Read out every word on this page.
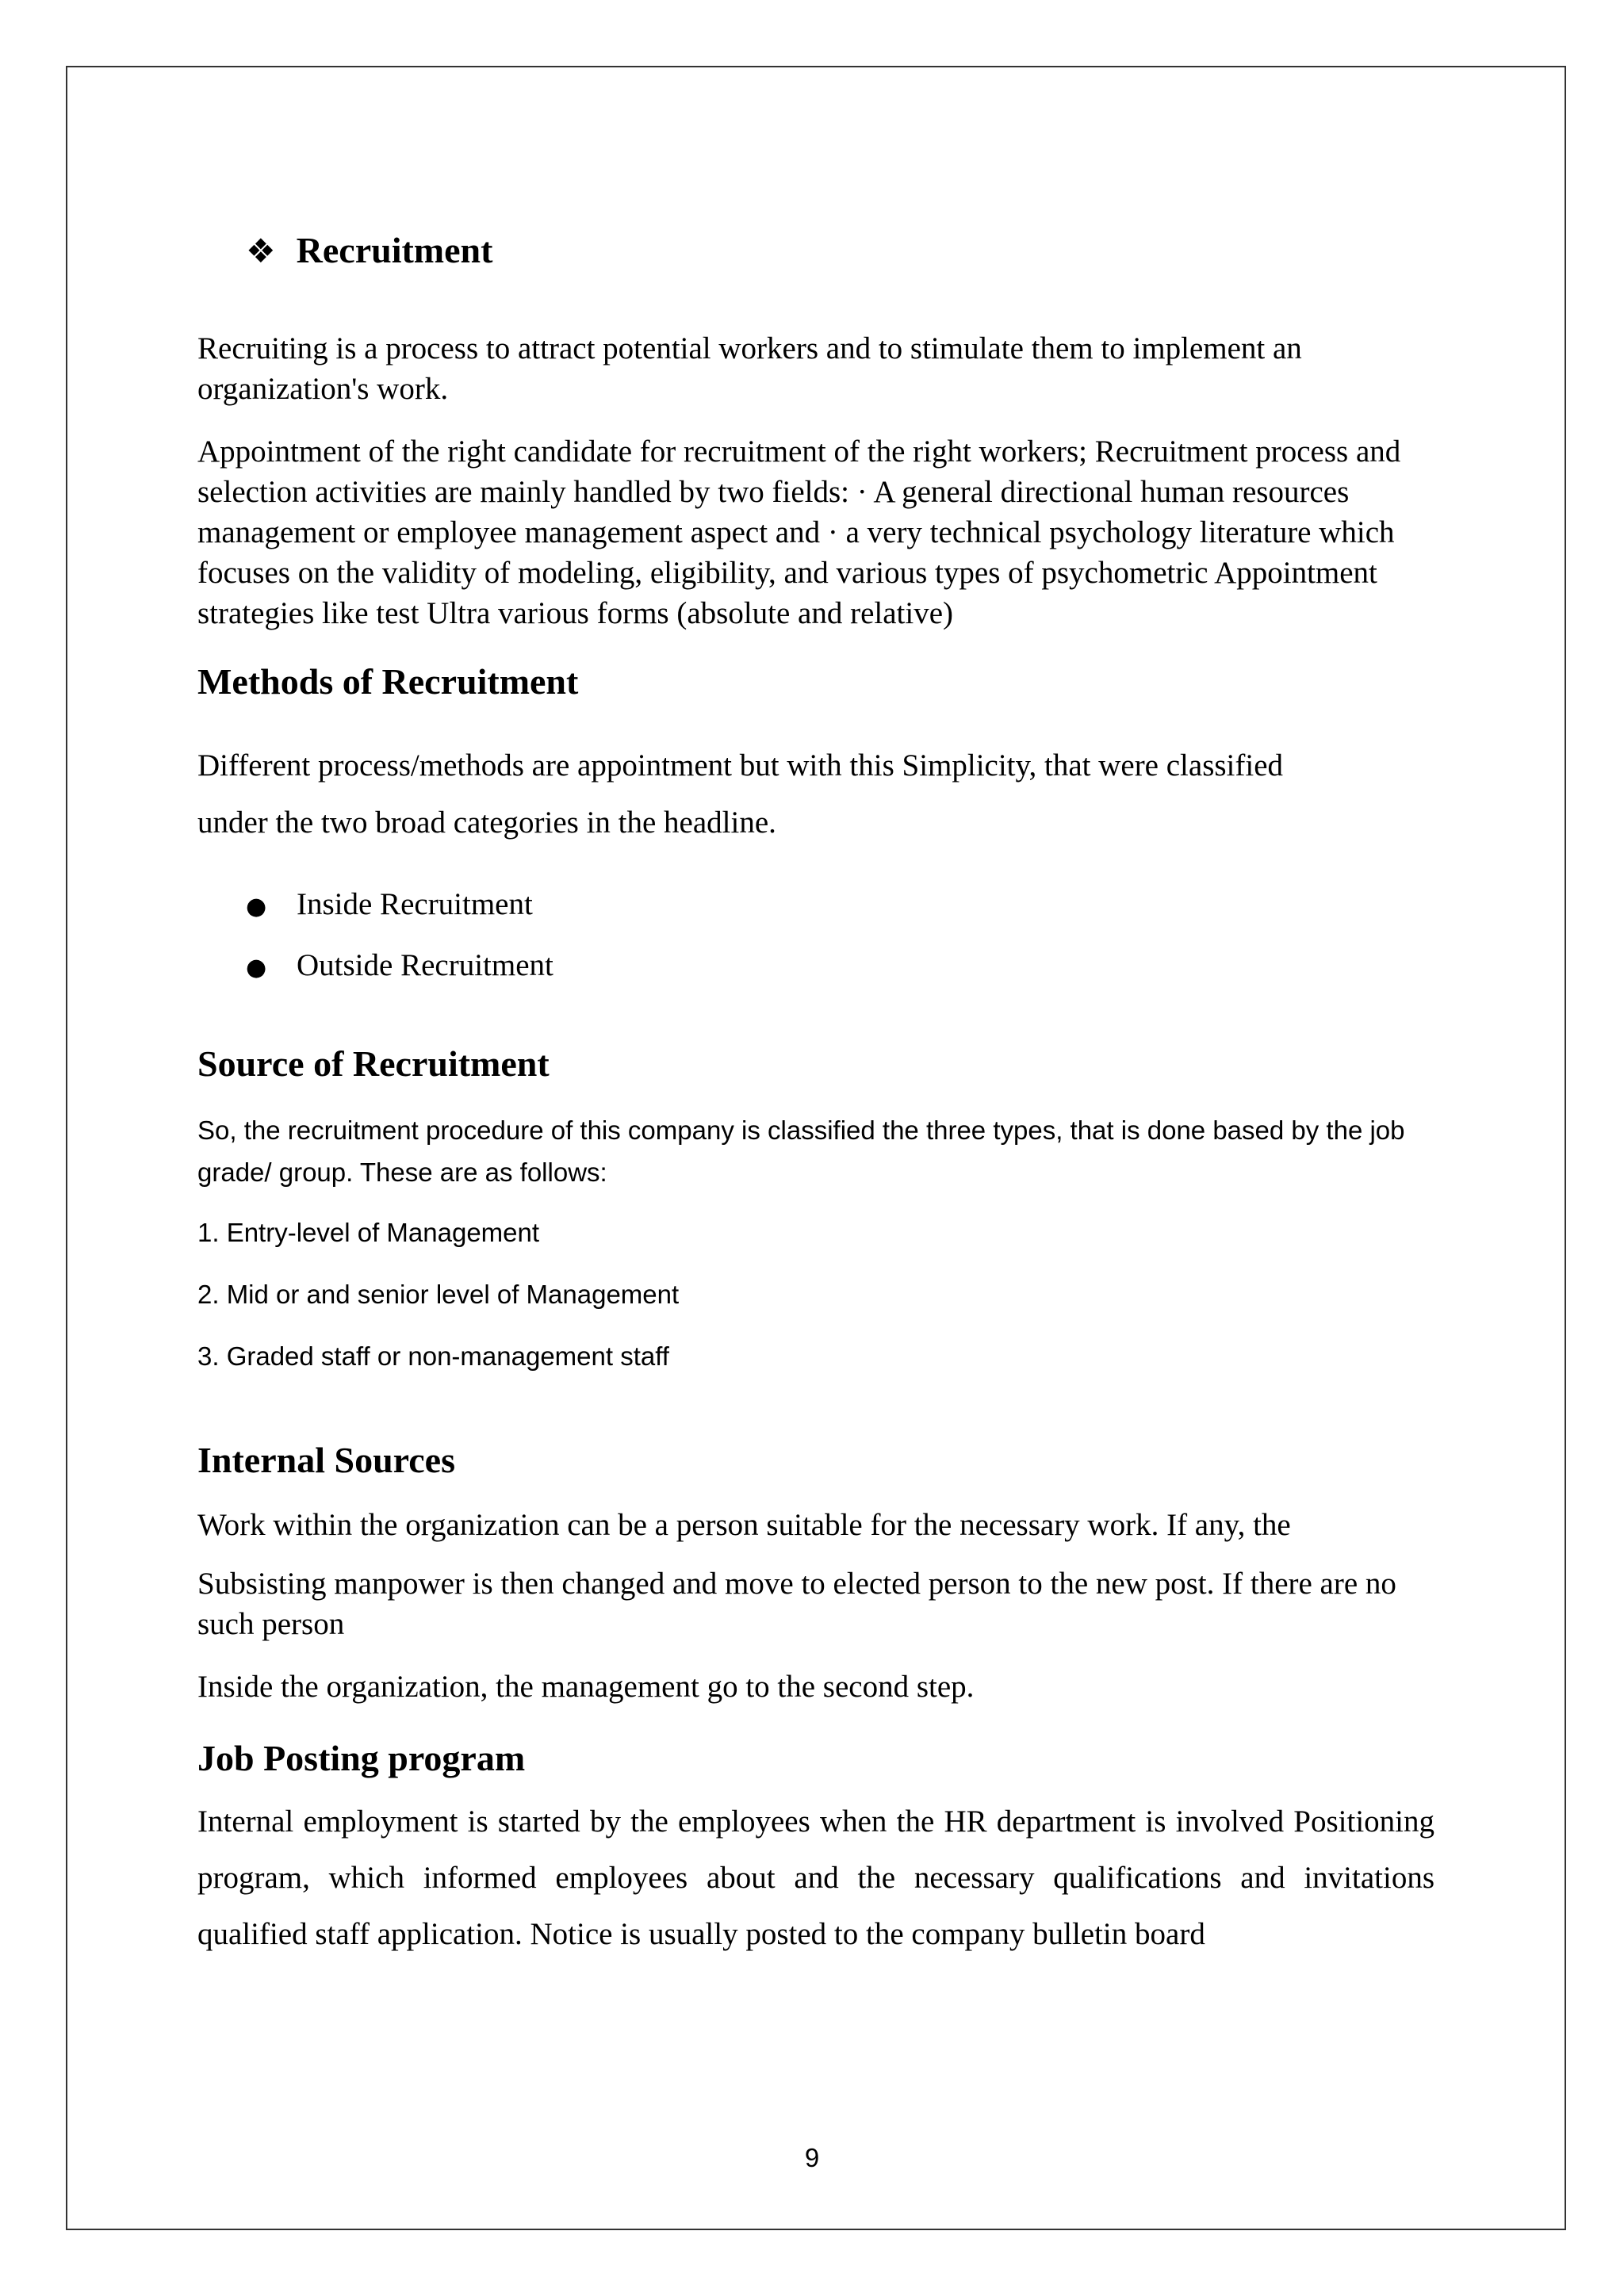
❖ Recruitment

Recruiting is a process to attract potential workers and to stimulate them to implement an organization's work.

Appointment of the right candidate for recruitment of the right workers; Recruitment process and selection activities are mainly handled by two fields: · A general directional human resources management or employee management aspect and · a very technical psychology literature which focuses on the validity of modeling, eligibility, and various types of psychometric Appointment strategies like test Ultra various forms (absolute and relative)

Methods of Recruitment

Different process/methods are appointment but with this Simplicity, that were classified

under the two broad categories in the headline.

● Inside Recruitment
● Outside Recruitment
Source of Recruitment

So, the recruitment procedure of this company is classified the three types, that is done based by the job grade/ group. These are as follows:

1. Entry-level of Management

2. Mid or and senior level of Management

3. Graded staff or non-management staff

Internal Sources

Work within the organization can be a person suitable for the necessary work. If any, the

Subsisting manpower is then changed and move to elected person to the new post. If there are no such person

Inside the organization, the management go to the second step.

Job Posting program

Internal employment is started by the employees when the HR department is involved Positioning program, which informed employees about and the necessary qualifications and invitations qualified staff application. Notice is usually posted to the company bulletin board

9
